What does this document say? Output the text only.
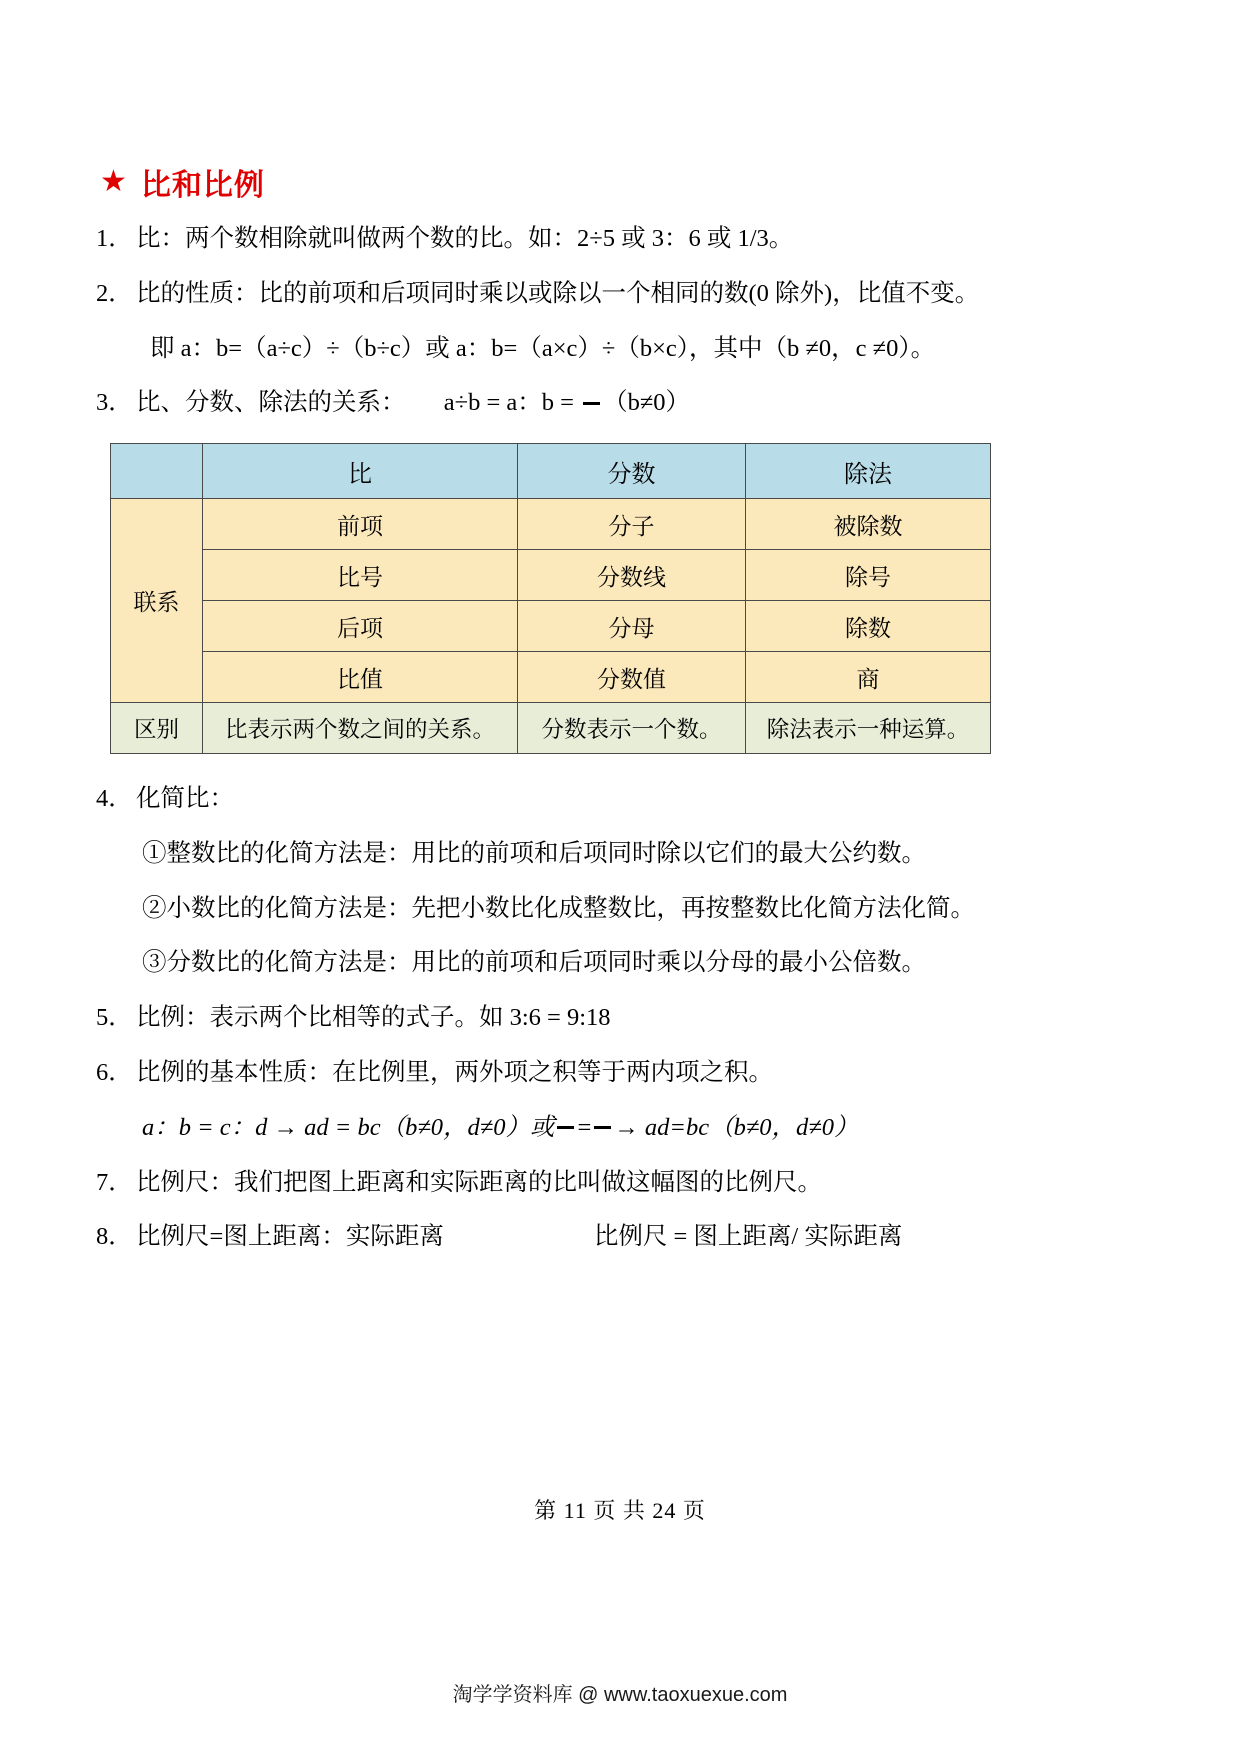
★ 比和比例
1． 比：两个数相除就叫做两个数的比。如：2÷5 或 3：6 或 1/3。
2． 比的性质：比的前项和后项同时乘以或除以一个相同的数(0 除外)，比值不变。
即 a：b=（a÷c）÷（b÷c）或 a：b=（a×c）÷（b×c），其中（b ≠0，c ≠0）。
3． 比、分数、除法的关系： a÷b = a：b = （b≠0）
	比	分数	除法
联系	前项	分子	被除数
	比号	分数线	除号
	后项	分母	除数
	比值	分数值	商
区别	比表示两个数之间的关系。	分数表示一个数。	除法表示一种运算。
4． 化简比：
①整数比的化简方法是：用比的前项和后项同时除以它们的最大公约数。
②小数比的化简方法是：先把小数比化成整数比，再按整数比化简方法化简。
③分数比的化简方法是：用比的前项和后项同时乘以分母的最小公倍数。
5． 比例：表示两个比相等的式子。如 3:6 = 9:18
6． 比例的基本性质：在比例里，两外项之积等于两内项之积。
a：b = c：d → ad = bc（b≠0，d≠0）或 = → ad=bc（b≠0，d≠0）
7． 比例尺：我们把图上距离和实际距离的比叫做这幅图的比例尺。
8． 比例尺=图上距离：实际距离	比例尺 = 图上距离/ 实际距离
第 11 页 共 24 页
淘学学资料库 @ www.taoxuexue.com
